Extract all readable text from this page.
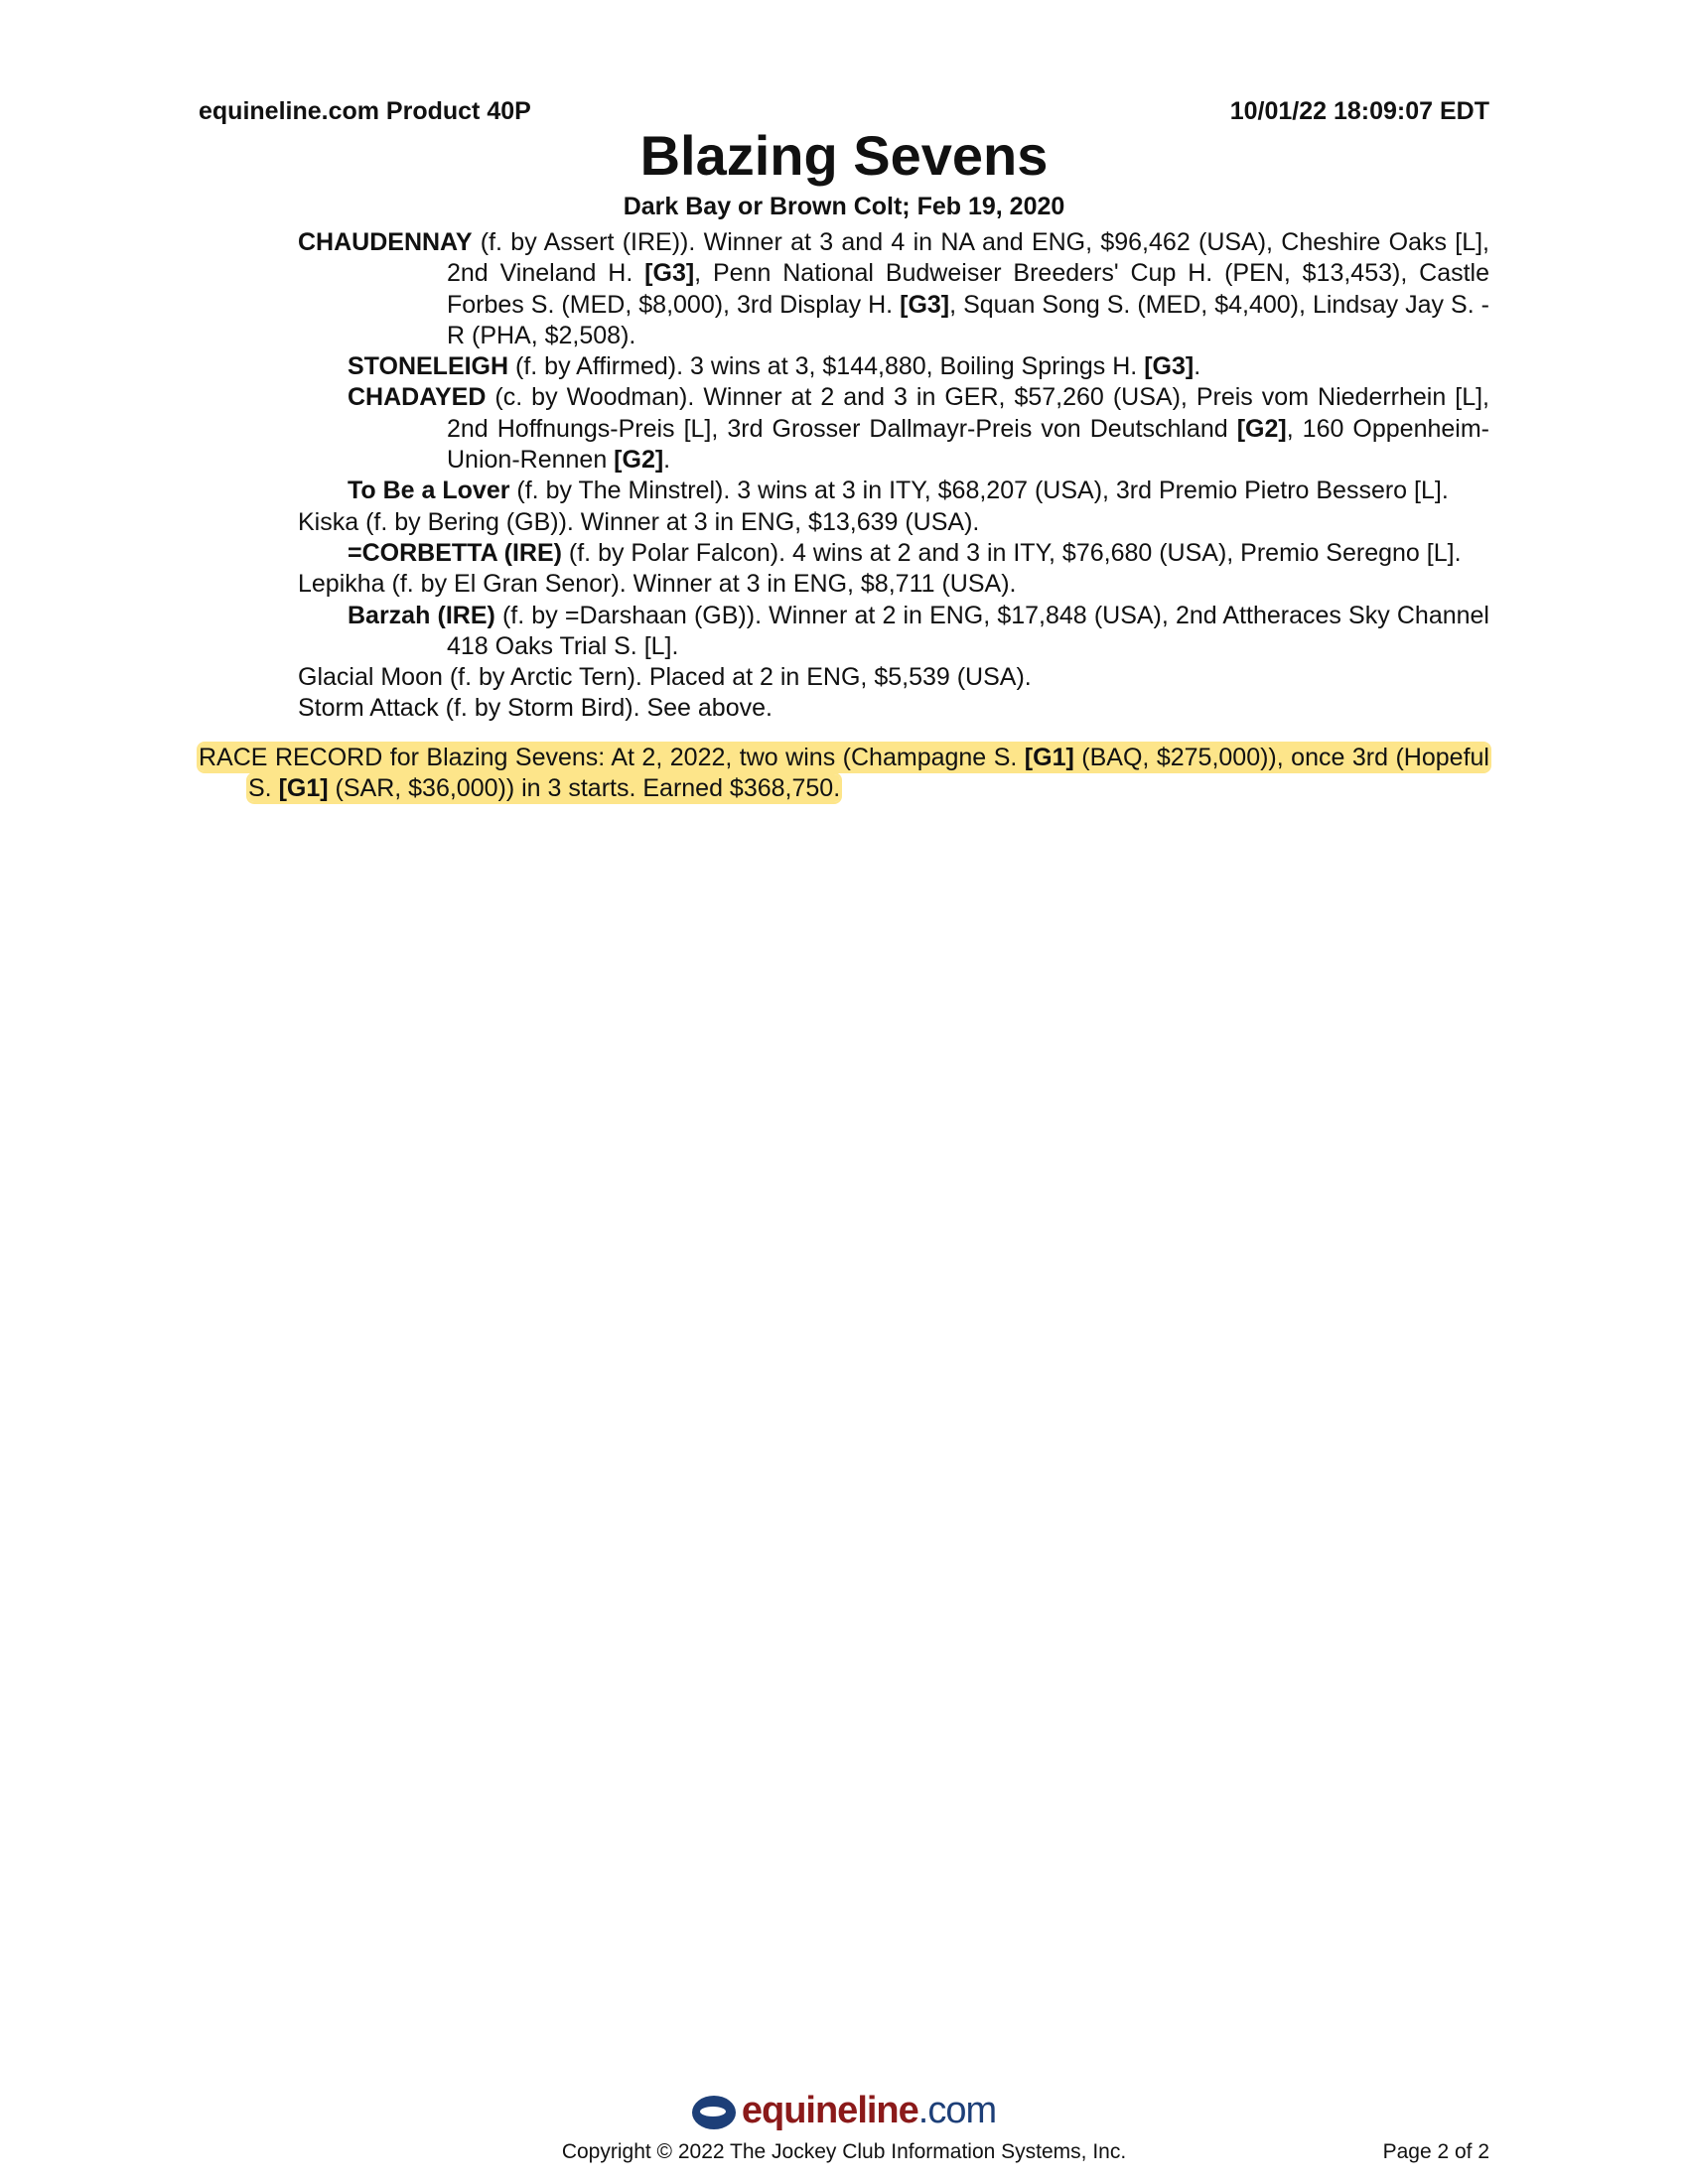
equineline.com Product 40P	10/01/22 18:09:07 EDT
Blazing Sevens
Dark Bay or Brown Colt; Feb 19, 2020
CHAUDENNAY (f. by Assert (IRE)). Winner at 3 and 4 in NA and ENG, $96,462 (USA), Cheshire Oaks [L], 2nd Vineland H. [G3], Penn National Budweiser Breeders' Cup H. (PEN, $13,453), Castle Forbes S. (MED, $8,000), 3rd Display H. [G3], Squan Song S. (MED, $4,400), Lindsay Jay S. -R (PHA, $2,508).
STONELEIGH (f. by Affirmed). 3 wins at 3, $144,880, Boiling Springs H. [G3].
CHADAYED (c. by Woodman). Winner at 2 and 3 in GER, $57,260 (USA), Preis vom Niederrhein [L], 2nd Hoffnungs-Preis [L], 3rd Grosser Dallmayr-Preis von Deutschland [G2], 160 Oppenheim-Union-Rennen [G2].
To Be a Lover (f. by The Minstrel). 3 wins at 3 in ITY, $68,207 (USA), 3rd Premio Pietro Bessero [L].
Kiska (f. by Bering (GB)). Winner at 3 in ENG, $13,639 (USA).
=CORBETTA (IRE) (f. by Polar Falcon). 4 wins at 2 and 3 in ITY, $76,680 (USA), Premio Seregno [L].
Lepikha (f. by El Gran Senor). Winner at 3 in ENG, $8,711 (USA).
Barzah (IRE) (f. by =Darshaan (GB)). Winner at 2 in ENG, $17,848 (USA), 2nd Attheraces Sky Channel 418 Oaks Trial S. [L].
Glacial Moon (f. by Arctic Tern). Placed at 2 in ENG, $5,539 (USA).
Storm Attack (f. by Storm Bird). See above.
RACE RECORD for Blazing Sevens: At 2, 2022, two wins (Champagne S. [G1] (BAQ, $275,000)), once 3rd (Hopeful S. [G1] (SAR, $36,000)) in 3 starts. Earned $368,750.
equineline.com
Copyright © 2022 The Jockey Club Information Systems, Inc.	Page 2 of 2
